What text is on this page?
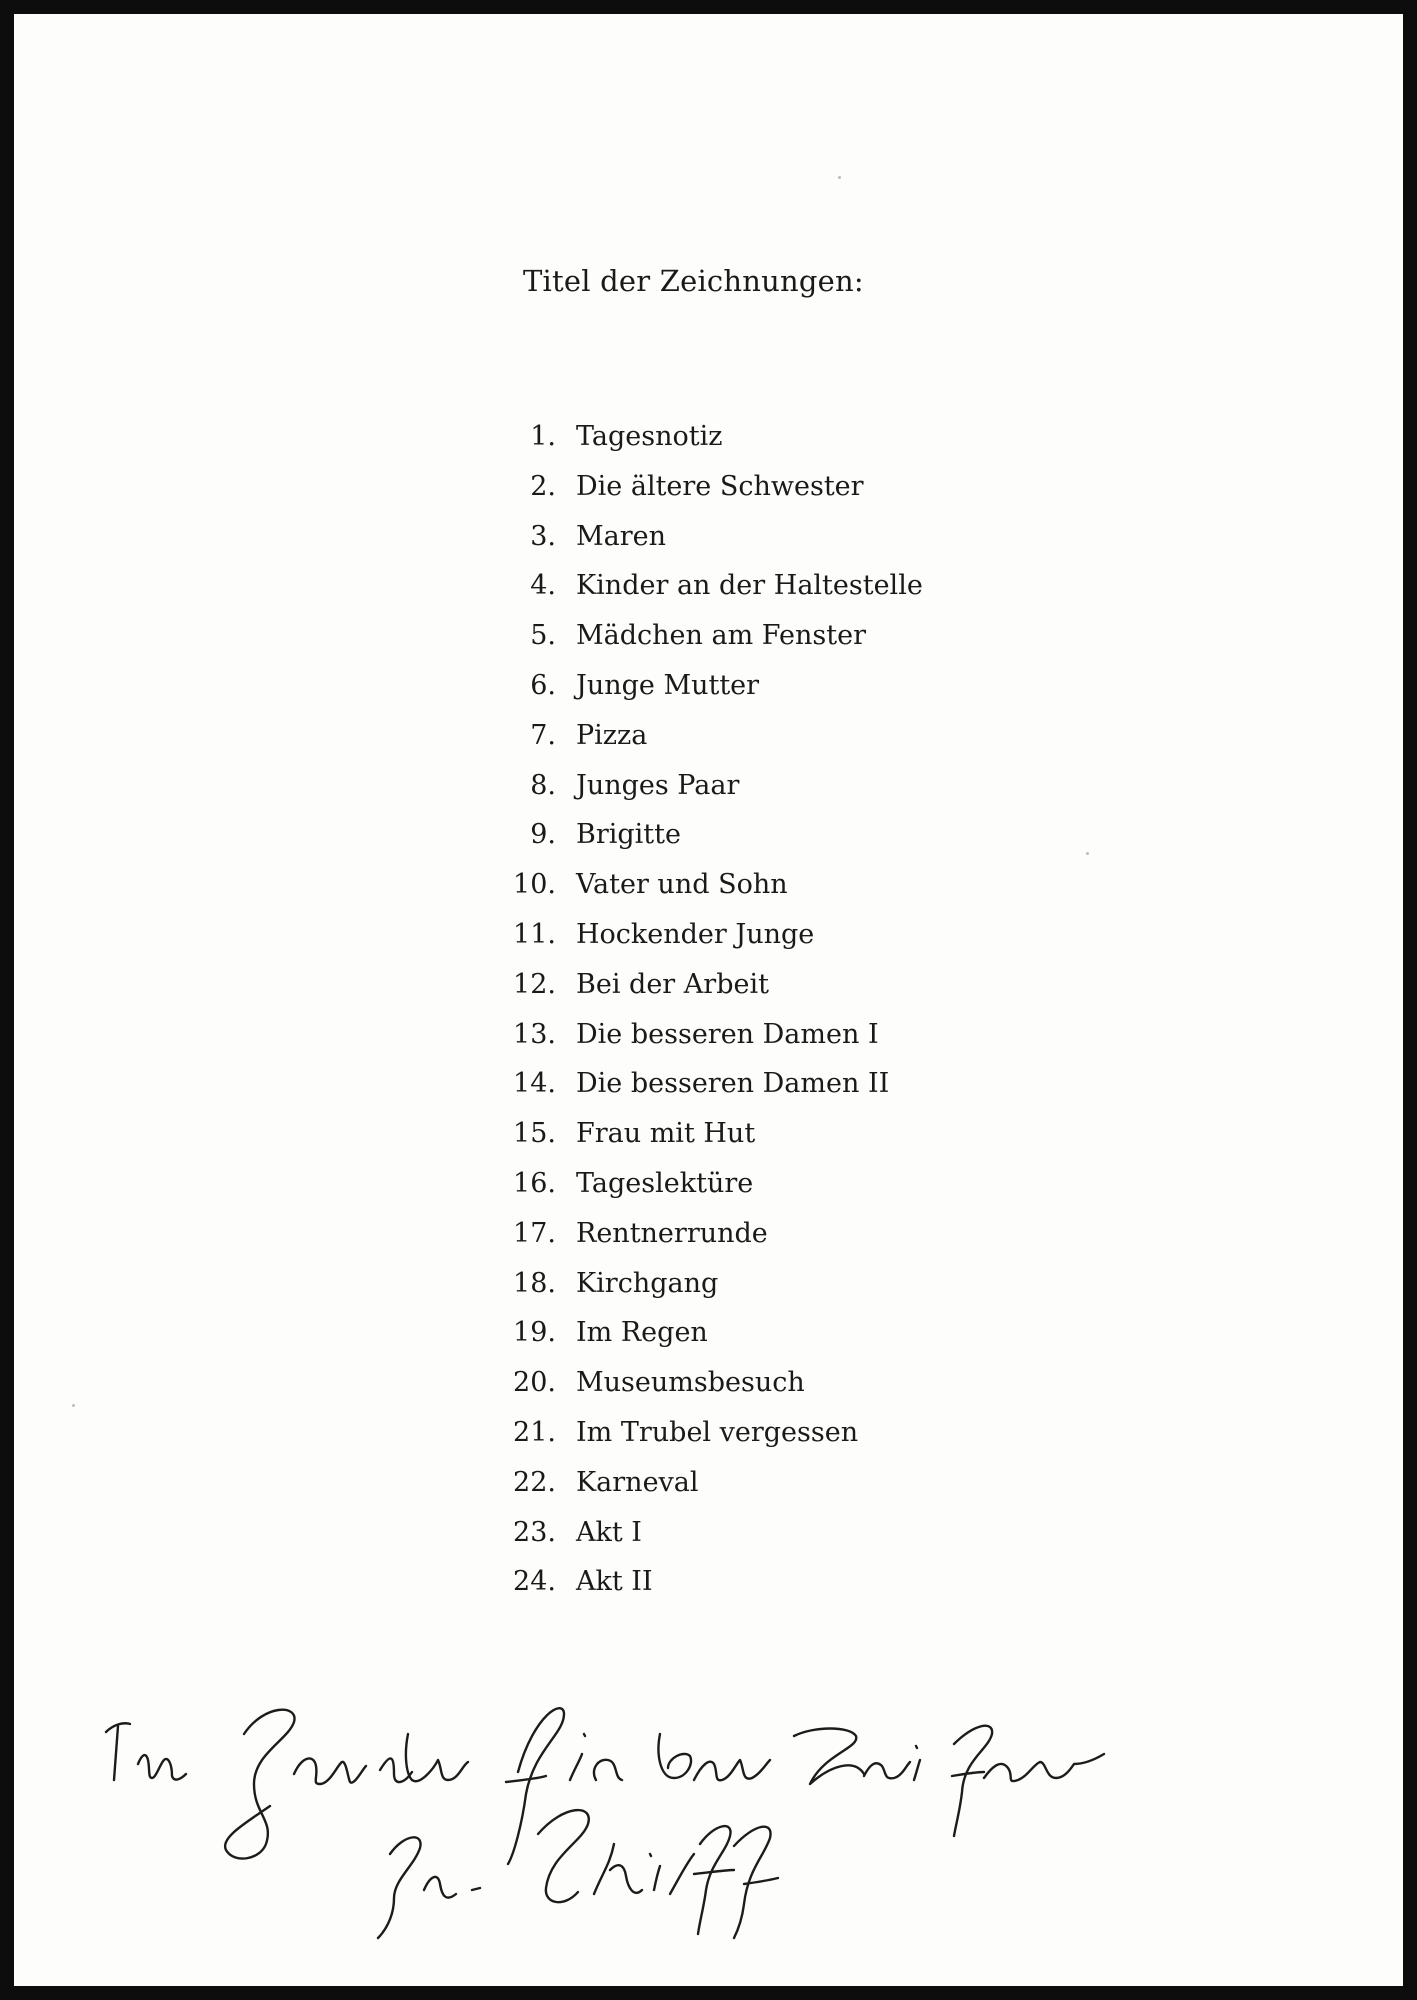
Titel der Zeichnungen:
1. Tagesnotiz
2. Die ältere Schwester
3. Maren
4. Kinder an der Haltestelle
5. Mädchen am Fenster
6. Junge Mutter
7. Pizza
8. Junges Paar
9. Brigitte
10. Vater und Sohn
11. Hockender Junge
12. Bei der Arbeit
13. Die besseren Damen I
14. Die besseren Damen II
15. Frau mit Hut
16. Tageslektüre
17. Rentnerrunde
18. Kirchgang
19. Im Regen
20. Museumsbesuch
21. Im Trubel vergessen
22. Karneval
23. Akt I
24. Akt II
